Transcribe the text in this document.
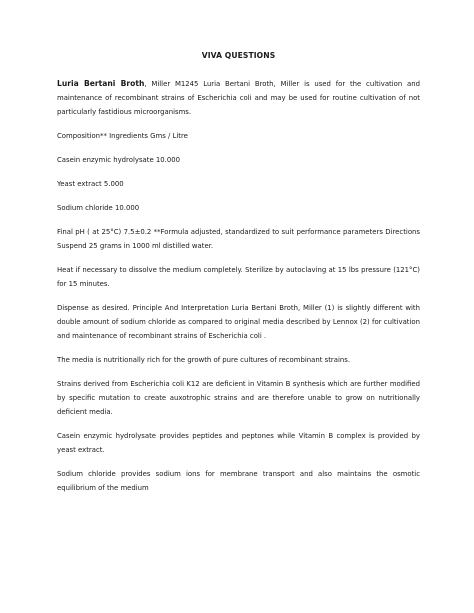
VIVA QUESTIONS

Luria Bertani Broth, Miller M1245 Luria Bertani Broth, Miller is used for the cultivation and maintenance of recombinant strains of Escherichia coli and may be used for routine cultivation of not particularly fastidious microorganisms.

Composition** Ingredients Gms / Litre

Casein enzymic hydrolysate 10.000

Yeast extract 5.000

Sodium chloride 10.000

Final pH ( at 25°C) 7.5±0.2 **Formula adjusted, standardized to suit performance parameters Directions Suspend 25 grams in 1000 ml distilled water.

Heat if necessary to dissolve the medium completely. Sterilize by autoclaving at 15 lbs pressure (121°C) for 15 minutes.

Dispense as desired. Principle And Interpretation Luria Bertani Broth, Miller (1) is slightly different with double amount of sodium chloride as compared to original media described by Lennox (2) for cultivation and maintenance of recombinant strains of Escherichia coli .

The media is nutritionally rich for the growth of pure cultures of recombinant strains.

Strains derived from Escherichia coli K12 are deficient in Vitamin B synthesis which are further modified by specific mutation to create auxotrophic strains and are therefore unable to grow on nutritionally deficient media.

Casein enzymic hydrolysate provides peptides and peptones while Vitamin B complex is provided by yeast extract.

Sodium chloride provides sodium ions for membrane transport and also maintains the osmotic equilibrium of the medium
